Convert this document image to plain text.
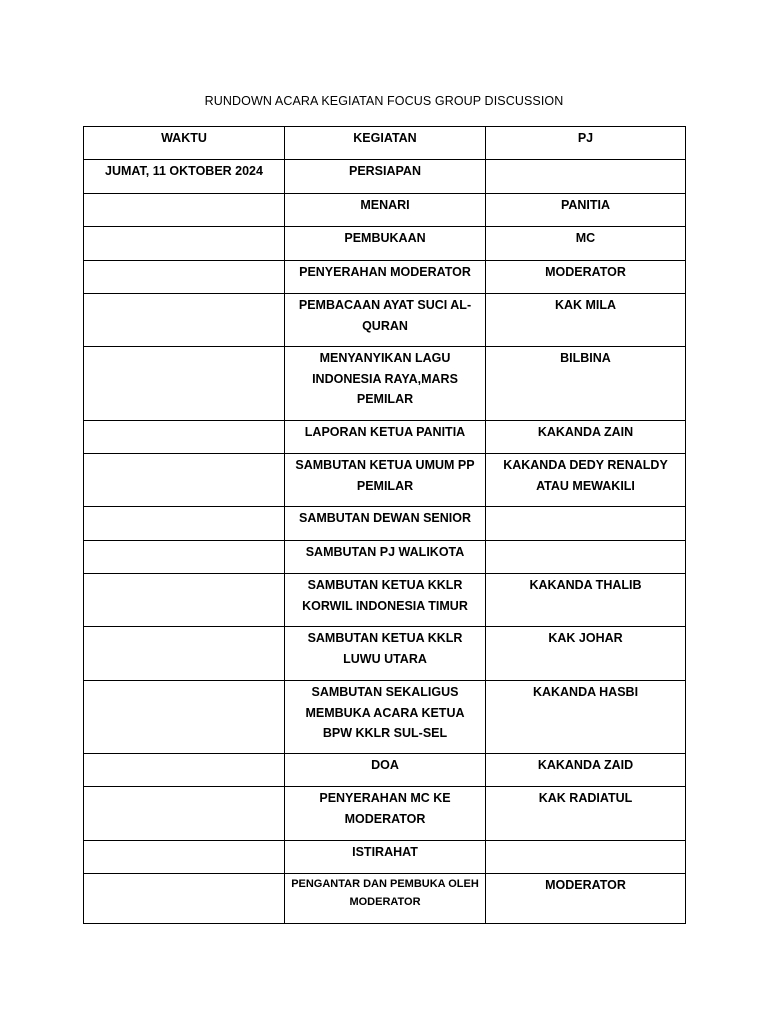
RUNDOWN ACARA KEGIATAN FOCUS GROUP DISCUSSION
WAKTU	KEGIATAN	PJ
JUMAT, 11 OKTOBER 2024	PERSIAPAN	
	MENARI	PANITIA
	PEMBUKAAN	MC
	PENYERAHAN MODERATOR	MODERATOR
	PEMBACAAN AYAT SUCI AL-QURAN	KAK MILA
	MENYANYIKAN LAGU INDONESIA RAYA,MARS PEMILAR	BILBINA
	LAPORAN KETUA PANITIA	KAKANDA ZAIN
	SAMBUTAN KETUA UMUM PP PEMILAR	KAKANDA DEDY RENALDY ATAU MEWAKILI
	SAMBUTAN DEWAN SENIOR	
	SAMBUTAN PJ WALIKOTA	
	SAMBUTAN KETUA KKLR KORWIL INDONESIA TIMUR	KAKANDA THALIB
	SAMBUTAN KETUA KKLR LUWU UTARA	KAK JOHAR
	SAMBUTAN SEKALIGUS MEMBUKA ACARA KETUA BPW KKLR SUL-SEL	KAKANDA HASBI
	DOA	KAKANDA ZAID
	PENYERAHAN MC KE MODERATOR	KAK RADIATUL
	ISTIRAHAT	
	PENGANTAR DAN PEMBUKA OLEH MODERATOR	MODERATOR
